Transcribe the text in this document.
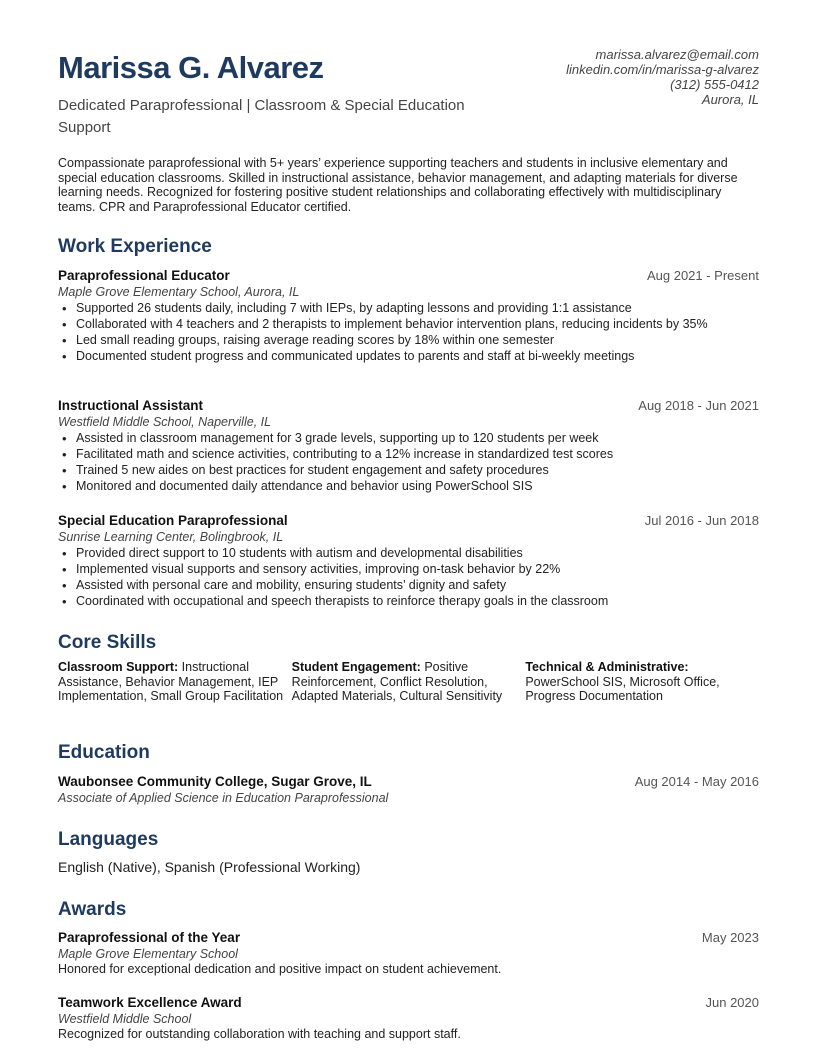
Marissa G. Alvarez
Dedicated Paraprofessional | Classroom & Special Education Support
marissa.alvarez@email.com
linkedin.com/in/marissa-g-alvarez
(312) 555-0412
Aurora, IL
Compassionate paraprofessional with 5+ years’ experience supporting teachers and students in inclusive elementary and special education classrooms. Skilled in instructional assistance, behavior management, and adapting materials for diverse learning needs. Recognized for fostering positive student relationships and collaborating effectively with multidisciplinary teams. CPR and Paraprofessional Educator certified.
Work Experience
Paraprofessional Educator	Aug 2021 - Present
Maple Grove Elementary School, Aurora, IL
• Supported 26 students daily, including 7 with IEPs, by adapting lessons and providing 1:1 assistance
• Collaborated with 4 teachers and 2 therapists to implement behavior intervention plans, reducing incidents by 35%
• Led small reading groups, raising average reading scores by 18% within one semester
• Documented student progress and communicated updates to parents and staff at bi-weekly meetings
Instructional Assistant	Aug 2018 - Jun 2021
Westfield Middle School, Naperville, IL
• Assisted in classroom management for 3 grade levels, supporting up to 120 students per week
• Facilitated math and science activities, contributing to a 12% increase in standardized test scores
• Trained 5 new aides on best practices for student engagement and safety procedures
• Monitored and documented daily attendance and behavior using PowerSchool SIS
Special Education Paraprofessional	Jul 2016 - Jun 2018
Sunrise Learning Center, Bolingbrook, IL
• Provided direct support to 10 students with autism and developmental disabilities
• Implemented visual supports and sensory activities, improving on-task behavior by 22%
• Assisted with personal care and mobility, ensuring students’ dignity and safety
• Coordinated with occupational and speech therapists to reinforce therapy goals in the classroom
Core Skills
Classroom Support: Instructional Assistance, Behavior Management, IEP Implementation, Small Group Facilitation
Student Engagement: Positive Reinforcement, Conflict Resolution, Adapted Materials, Cultural Sensitivity
Technical & Administrative:
PowerSchool SIS, Microsoft Office, Progress Documentation
Education
Waubonsee Community College, Sugar Grove, IL	Aug 2014 - May 2016
Associate of Applied Science in Education Paraprofessional
Languages
English (Native), Spanish (Professional Working)
Awards
Paraprofessional of the Year	May 2023
Maple Grove Elementary School
Honored for exceptional dedication and positive impact on student achievement.
Teamwork Excellence Award	Jun 2020
Westfield Middle School
Recognized for outstanding collaboration with teaching and support staff.
